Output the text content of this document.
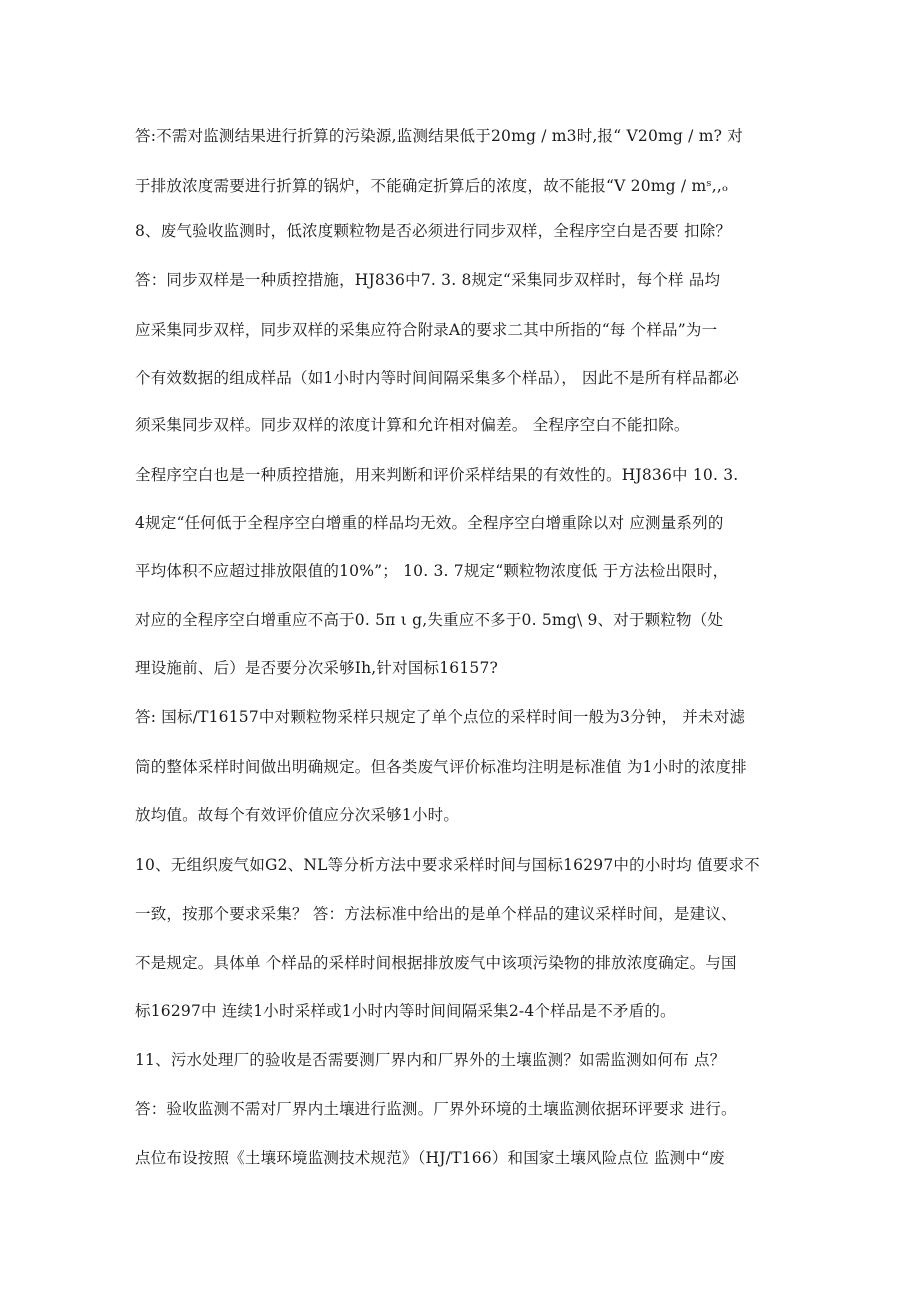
答:不需对监测结果进行折算的污染源,监测结果低于20mg / m3时,报“ V20mg / m? 对
于排放浓度需要进行折算的锅炉，不能确定折算后的浓度，故不能报“V 20mg / mˢ,,ₒ
8、废气验收监测时，低浓度颗粒物是否必须进行同步双样，全程序空白是否要 扣除？
答：同步双样是一种质控措施，HJ836中7. 3. 8规定“采集同步双样时，每个样 品均
应采集同步双样，同步双样的采集应符合附录A的要求二其中所指的“每 个样品”为一
个有效数据的组成样品（如1小时内等时间间隔采集多个样品）， 因此不是所有样品都必
须采集同步双样。同步双样的浓度计算和允许相对偏差。 全程序空白不能扣除。
全程序空白也是一种质控措施，用来判断和评价采样结果的有效性的。HJ836中 10. 3.
4规定“任何低于全程序空白增重的样品均无效。全程序空白增重除以对 应测量系列的
平均体积不应超过排放限值的10%”； 10. 3. 7规定“颗粒物浓度低 于方法检出限时，
对应的全程序空白增重应不高于0. 5π ι g,失重应不多于0. 5mg\ 9、对于颗粒物（处
理设施前、后）是否要分次采够Ih,针对国标16157?
答: 国标/T16157中对颗粒物采样只规定了单个点位的采样时间一般为3分钟， 并未对滤
筒的整体采样时间做出明确规定。但各类废气评价标准均注明是标准值 为1小时的浓度排
放均值。故每个有效评价值应分次采够1小时。
10、无组织废气如G2、NL等分析方法中要求采样时间与国标16297中的小时均 值要求不
一致，按那个要求采集？ 答：方法标准中给出的是单个样品的建议采样时间，是建议、
不是规定。具体单 个样品的采样时间根据排放废气中该项污染物的排放浓度确定。与国
标16297中 连续1小时采样或1小时内等时间间隔采集2-4个样品是不矛盾的。
11、污水处理厂的验收是否需要测厂界内和厂界外的土壤监测？如需监测如何布 点？
答：验收监测不需对厂界内土壤进行监测。厂界外环境的土壤监测依据环评要求 进行。
点位布设按照《土壤环境监测技术规范》（HJ/T166）和国家土壤风险点位 监测中“废
